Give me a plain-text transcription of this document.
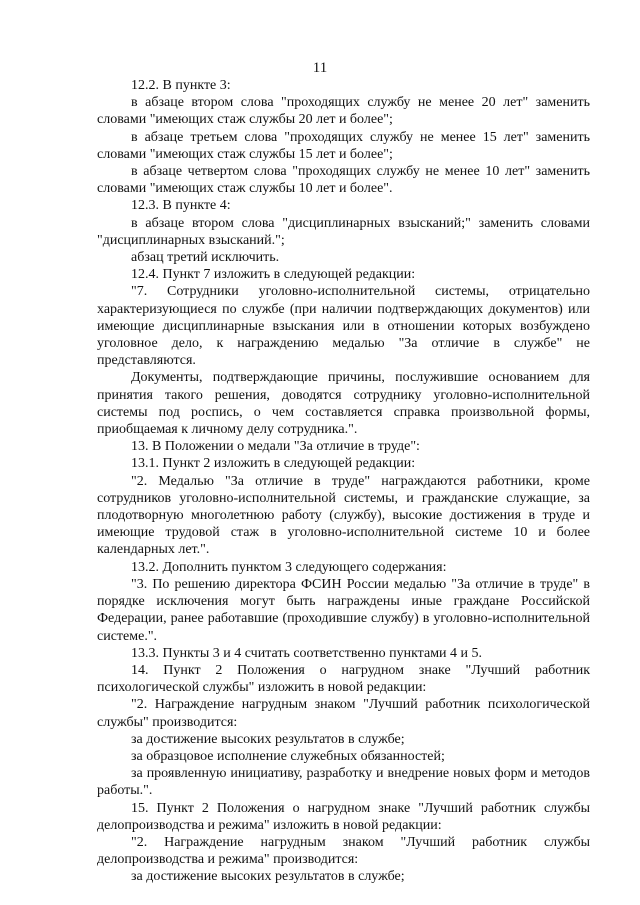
11

12.2. В пункте 3:

в абзаце втором слова "проходящих службу не менее 20 лет" заменить словами "имеющих стаж службы 20 лет и более";

в абзаце третьем слова "проходящих службу не менее 15 лет" заменить словами "имеющих стаж службы 15 лет и более";

в абзаце четвертом слова "проходящих службу не менее 10 лет" заменить словами "имеющих стаж службы 10 лет и более".

12.3. В пункте 4:

в абзаце втором слова "дисциплинарных взысканий;" заменить словами "дисциплинарных взысканий.";

абзац третий исключить.

12.4. Пункт 7 изложить в следующей редакции:

"7. Сотрудники уголовно-исполнительной системы, отрицательно характеризующиеся по службе (при наличии подтверждающих документов) или имеющие дисциплинарные взыскания или в отношении которых возбуждено уголовное дело, к награждению медалью "За отличие в службе" не представляются.

Документы, подтверждающие причины, послужившие основанием для принятия такого решения, доводятся сотруднику уголовно-исполнительной системы под роспись, о чем составляется справка произвольной формы, приобщаемая к личному делу сотрудника.".

13. В Положении о медали "За отличие в труде":

13.1. Пункт 2 изложить в следующей редакции:

"2. Медалью "За отличие в труде" награждаются работники, кроме сотрудников уголовно-исполнительной системы, и гражданские служащие, за плодотворную многолетнюю работу (службу), высокие достижения в труде и имеющие трудовой стаж в уголовно-исполнительной системе 10 и более календарных лет.".

13.2. Дополнить пунктом 3 следующего содержания:

"3. По решению директора ФСИН России медалью "За отличие в труде" в порядке исключения могут быть награждены иные граждане Российской Федерации, ранее работавшие (проходившие службу) в уголовно-исполнительной системе.".

13.3. Пункты 3 и 4 считать соответственно пунктами 4 и 5.

14. Пункт 2 Положения о нагрудном знаке "Лучший работник психологической службы" изложить в новой редакции:

"2. Награждение нагрудным знаком "Лучший работник психологической службы" производится:

за достижение высоких результатов в службе;

за образцовое исполнение служебных обязанностей;

за проявленную инициативу, разработку и внедрение новых форм и методов работы.".

15. Пункт 2 Положения о нагрудном знаке "Лучший работник службы делопроизводства и режима" изложить в новой редакции:

"2. Награждение нагрудным знаком "Лучший работник службы делопроизводства и режима" производится:

за достижение высоких результатов в службе;
